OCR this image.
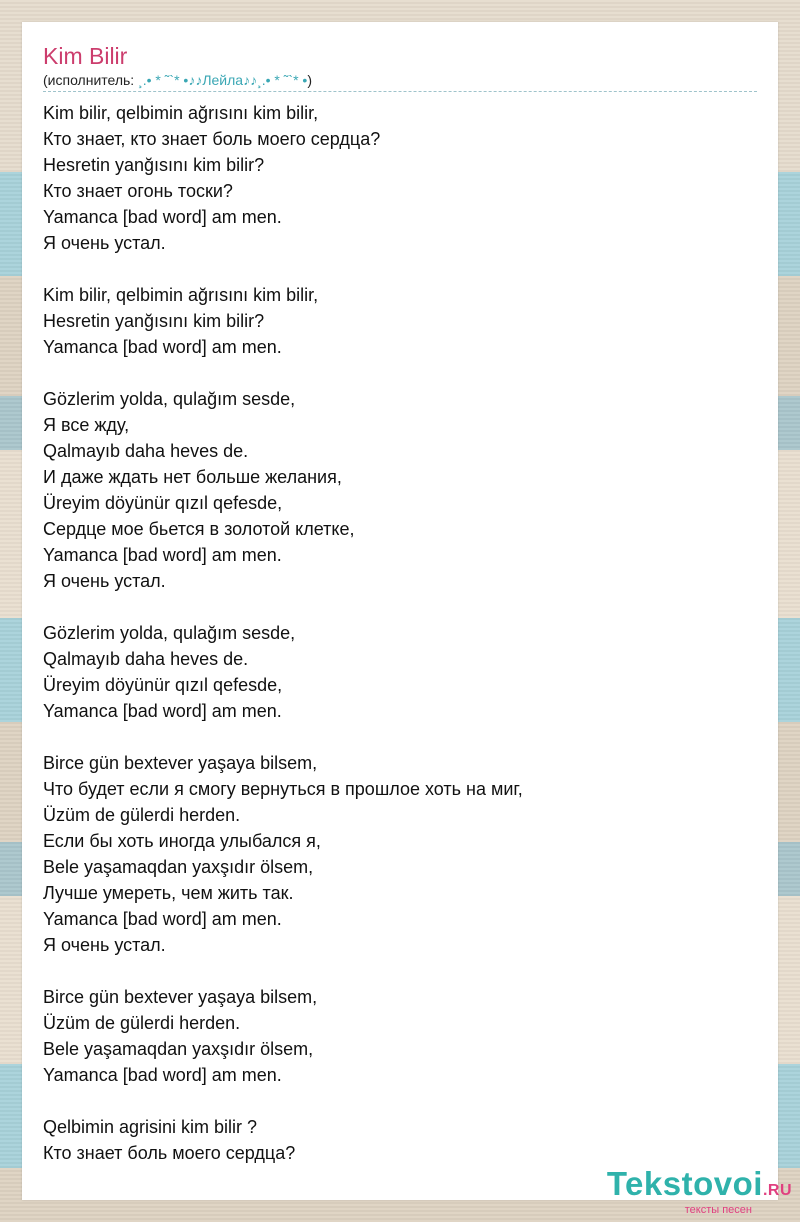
Kim Bilir
(исполнитель: ¸.• * ˜`* •♪♪Лейла♪♪¸.• * ˜`* •)
Kim bilir, qelbimin ağrısını kim bilir,
Кто знает, кто знает боль моего сердца?
Hesretin yanğısını kim bilir?
Кто знает огонь тоски?
Yamanca [bad word] am men.
Я очень устал.
Kim bilir, qelbimin ağrısını kim bilir,
Hesretin yanğısını kim bilir?
Yamanca [bad word] am men.
Gözlerim yolda, qulağım sesde,
Я все жду,
Qalmayıb daha heves de.
И даже ждать нет больше желания,
Üreyim döyünür qızıl qefesde,
Сердце мое бьется в золотой клетке,
Yamanca [bad word] am men.
Я очень устал.
Gözlerim yolda, qulağım sesde,
Qalmayıb daha heves de.
Üreyim döyünür qızıl qefesde,
Yamanca [bad word] am men.
Birce gün bextever yaşaya bilsem,
Что будет если я смогу вернуться в прошлое хоть на миг,
Üzüm de gülerdi herden.
Если бы хоть иногда улыбался я,
Bele yaşamaqdan yaxşıdır ölsem,
Лучше умереть, чем жить так.
Yamanca [bad word] am men.
Я очень устал.
Birce gün bextever yaşaya bilsem,
Üzüm de gülerdi herden.
Bele yaşamaqdan yaxşıdır ölsem,
Yamanca [bad word] am men.
Qelbimin agrisini kim bilir ?
Кто знает боль моего сердца?
Tekstovoi.RU
тексты песен
